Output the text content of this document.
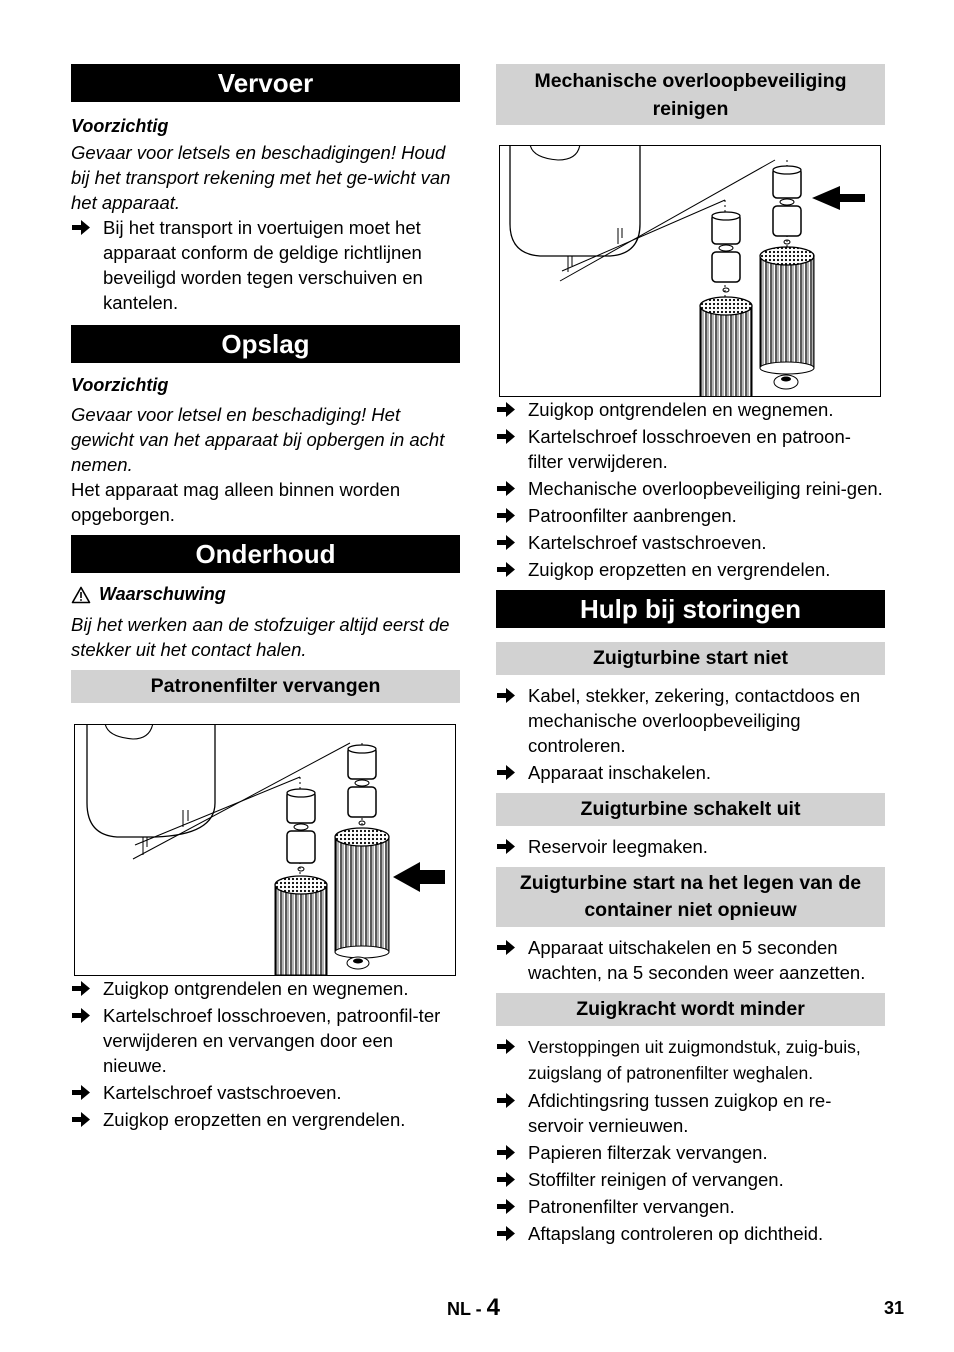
Vervoer

Voorzichtig

Gevaar voor letsels en beschadigingen! Houd bij het transport rekening met het ge-wicht van het apparaat.

Bij het transport in voertuigen moet het apparaat conform de geldige richtlijnen beveiligd worden tegen verschuiven en kantelen.
Opslag

Voorzichtig

Gevaar voor letsel en beschadiging! Het gewicht van het apparaat bij opbergen in acht nemen.

Het apparaat mag alleen binnen worden opgeborgen.

Onderhoud
Waarschuwing

Bij het werken aan de stofzuiger altijd eerst de stekker uit het contact halen.

Patronenfilter vervangen
Zuigkop ontgrendelen en wegnemen.
Kartelschroef losschroeven, patroonfil-ter verwijderen en vervangen door een nieuwe.
Kartelschroef vastschroeven.
Zuigkop eropzetten en vergrendelen.
Mechanische overloopbeveiliging reinigen
Zuigkop ontgrendelen en wegnemen.
Kartelschroef losschroeven en patroon-filter verwijderen.
Mechanische overloopbeveiliging reini-gen.
Patroonfilter aanbrengen.
Kartelschroef vastschroeven.
Zuigkop eropzetten en vergrendelen.
Hulp bij storingen
Zuigturbine start niet
Kabel, stekker, zekering, contactdoos en mechanische overloopbeveiliging controleren.
Apparaat inschakelen.
Zuigturbine schakelt uit
Reservoir leegmaken.
Zuigturbine start na het legen van de container niet opnieuw
Apparaat uitschakelen en 5 seconden wachten, na 5 seconden weer aanzetten.
Zuigkracht wordt minder
Verstoppingen uit zuigmondstuk, zuig-buis, zuigslang of patronenfilter weghalen.
Afdichtingsring tussen zuigkop en re-servoir vernieuwen.
Papieren filterzak vervangen.
Stoffilter reinigen of vervangen.
Patronenfilter vervangen.
Aftapslang controleren op dichtheid.
NL - 4	31
